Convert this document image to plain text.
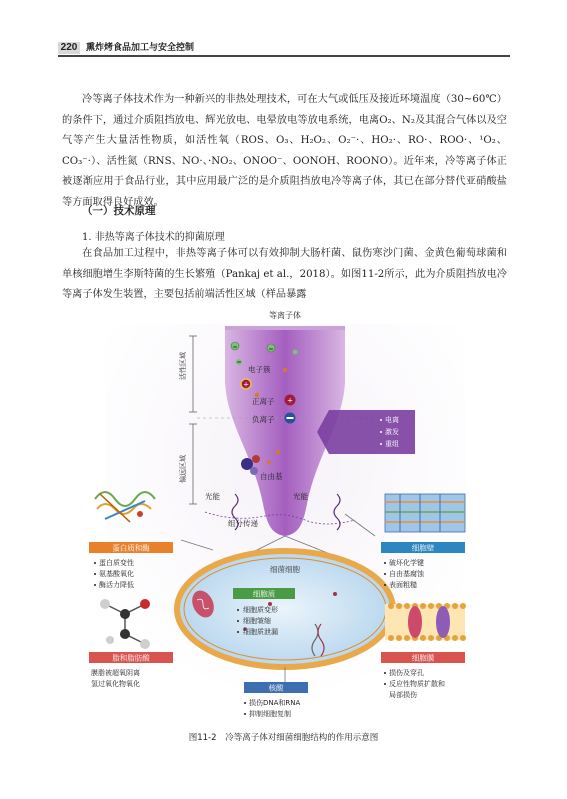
220 熏炸烤食品加工与安全控制

冷等离子体技术作为一种新兴的非热处理技术，可在大气或低压及接近环境温度（30~60℃）的条件下，通过介质阻挡放电、辉光放电、电晕放电等放电系统，电离O₂、N₂及其混合气体以及空气等产生大量活性物质，如活性氧（ROS、O₃、H₂O₂、O₂⁻·、HO₂·、RO·、ROO·、¹O₂、CO₃⁻·）、活性氮（RNS、NO·、·NO₂、ONOO⁻、OONOH、ROONO）。近年来，冷等离子体正被逐渐应用于食品行业，其中应用最广泛的是介质阻挡放电冷等离子体，其已在部分替代亚硝酸盐等方面取得良好成效。

（一）技术原理
1. 非热等离子体技术的抑菌原理

在食品加工过程中，非热等离子体可以有效抑制大肠杆菌、鼠伤寒沙门菌、金黄色葡萄球菌和单核细胞增生李斯特菌的生长繁殖（Pankaj et al.，2018）。如图11-2所示，此为介质阻挡放电冷等离子体发生装置，主要包括前端活性区域（样品暴露

等离子体
活性区域
偏远区域
=
=	=
电子簇
+
+
正离子
负离子
自由基
电离
激发
重组
光能	光能
组分传递
细菌细胞
细胞质
细胞质变形
细胞皱缩
细胞质泄漏
核酸
损伤DNA和RNA
抑制细胞复制
蛋白质和酶
蛋白质变性
氨基酸氧化
酶活力降低
脂和脂肪酸
膜脂被超氧阴离
氢过氧化物氧化
细胞壁
破坏化学键
自由基腐蚀
表面粗糙
细胞膜
损伤及穿孔
反应性物质扩散和
局部损伤
图11-2 冷等离子体对细菌细胞结构的作用示意图
